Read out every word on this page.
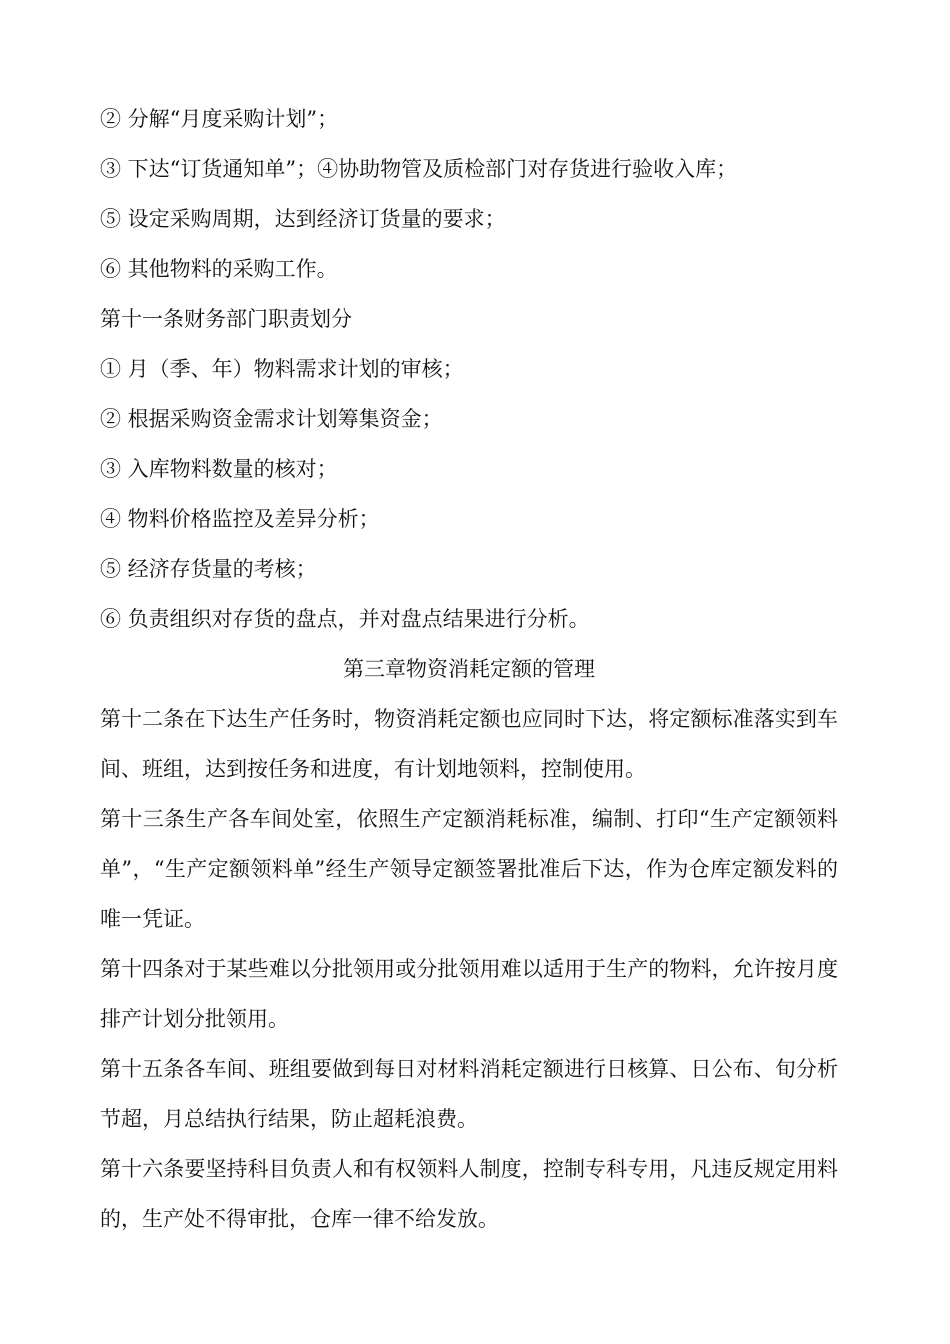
② 分解“月度采购计划”；

③ 下达“订货通知单”；④协助物管及质检部门对存货进行验收入库；

⑤ 设定采购周期，达到经济订货量的要求；

⑥ 其他物料的采购工作。

第十一条财务部门职责划分

① 月（季、年）物料需求计划的审核；

② 根据采购资金需求计划筹集资金；

③ 入库物料数量的核对；

④ 物料价格监控及差异分析；

⑤ 经济存货量的考核；

⑥ 负责组织对存货的盘点，并对盘点结果进行分析。

第三章物资消耗定额的管理

第十二条在下达生产任务时，物资消耗定额也应同时下达，将定额标准落实到车间、班组，达到按任务和进度，有计划地领料，控制使用。

第十三条生产各车间处室，依照生产定额消耗标准，编制、打印“生产定额领料单”，“生产定额领料单”经生产领导定额签署批准后下达，作为仓库定额发料的唯一凭证。

第十四条对于某些难以分批领用或分批领用难以适用于生产的物料，允许按月度排产计划分批领用。

第十五条各车间、班组要做到每日对材料消耗定额进行日核算、日公布、旬分析节超，月总结执行结果，防止超耗浪费。

第十六条要坚持科目负责人和有权领料人制度，控制专科专用，凡违反规定用料的，生产处不得审批，仓库一律不给发放。
